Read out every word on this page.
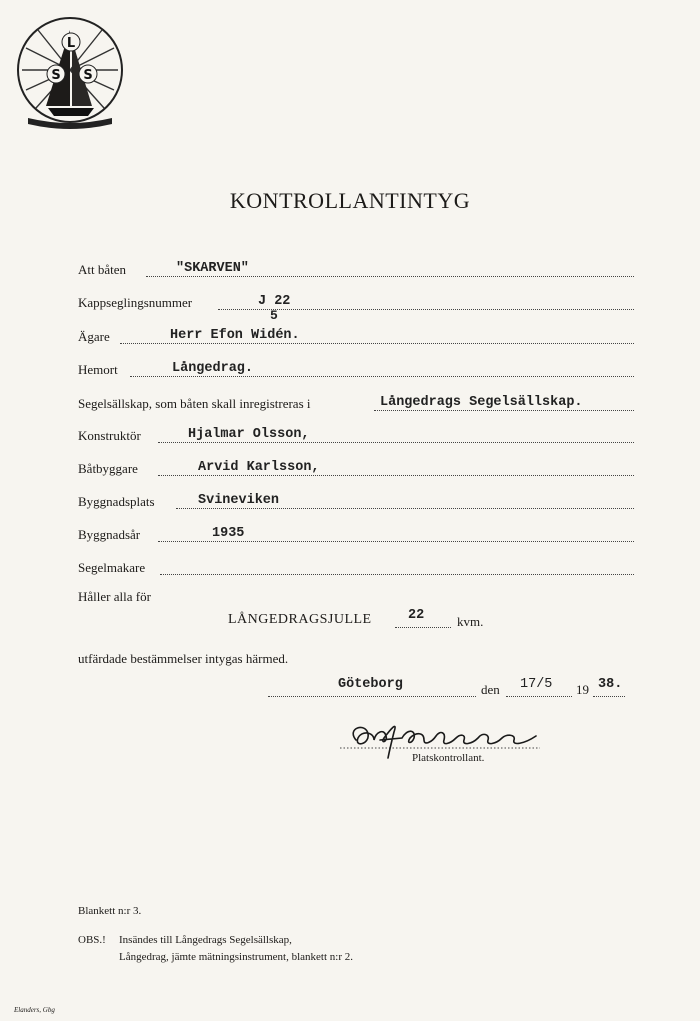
S
L
S
KONTROLLANTINTYG
Att båten	"SKARVEN"
Kappseglingsnummer	J 22
5
Ägare	Herr Efon Widén.
Hemort	Långedrag.
Segelsällskap, som båten skall inregistreras i	Långedrags Segelsällskap.
Konstruktör	Hjalmar Olsson,
Båtbyggare	Arvid Karlsson,
Byggnadsplats	Svineviken
Byggnadsår	1935
Segelmakare
Håller alla för
LÅNGEDRAGSJULLE	22	kvm.
utfärdade bestämmelser intygas härmed.
Göteborg	den 17/5 19 38.
Platskontrollant.
Blankett n:r 3.
OBS.! Insändes till Långedrags Segelsällskap,
Långedrag, jämte mätningsinstrument, blankett n:r 2.
Elanders, Gbg
